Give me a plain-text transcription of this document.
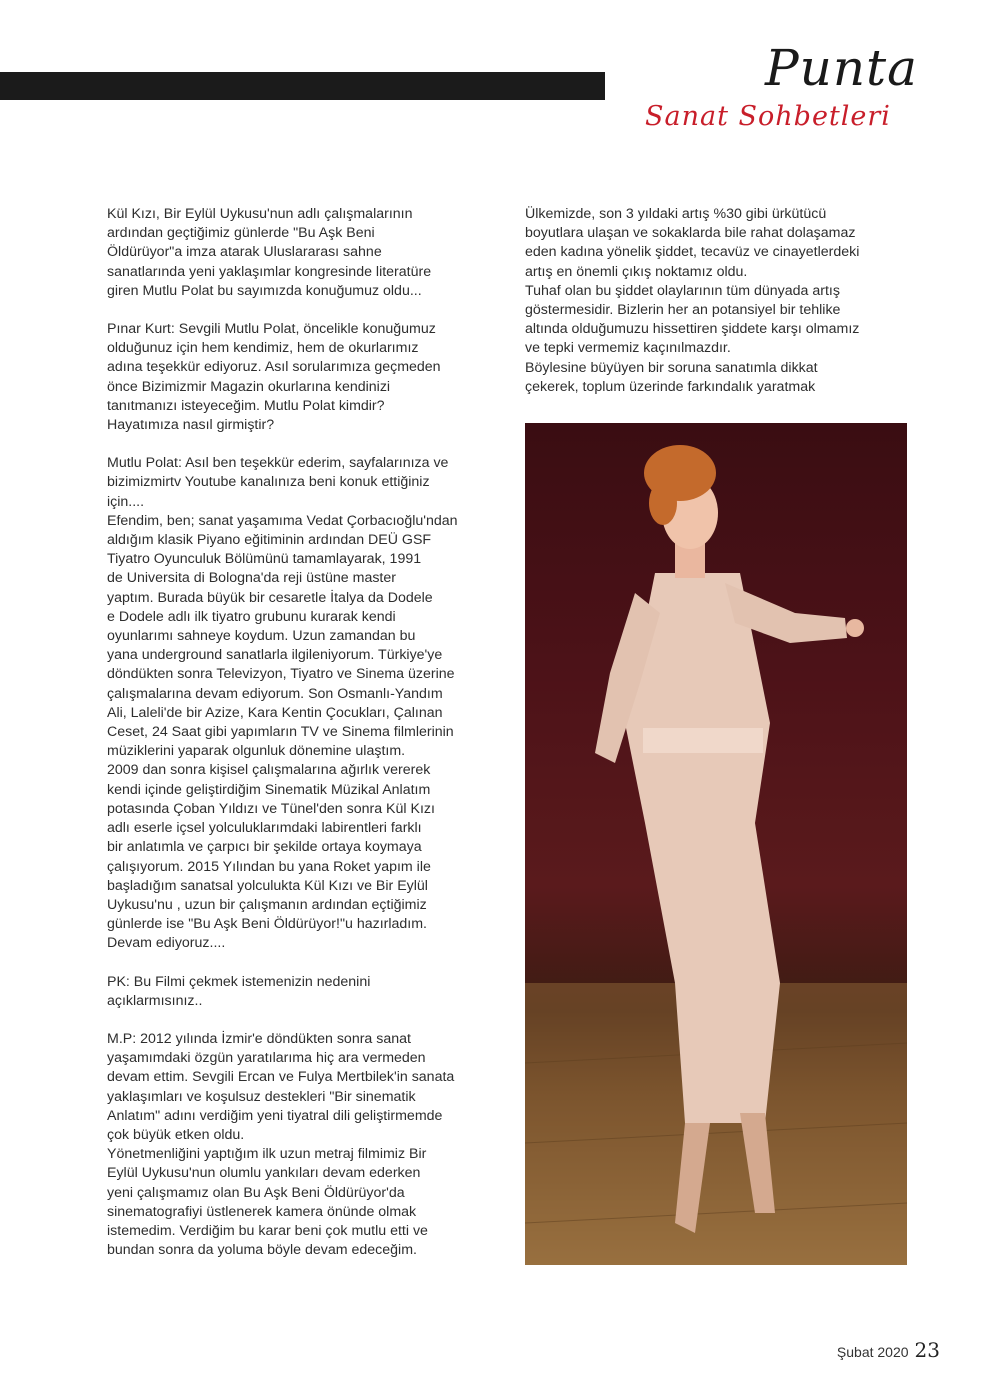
Punta
Sanat Sohbetleri

Kül Kızı, Bir Eylül Uykusu'nun adlı çalışmalarının
ardından geçtiğimiz günlerde "Bu Aşk Beni
Öldürüyor"a imza atarak Uluslararası sahne
sanatlarında yeni yaklaşımlar kongresinde literatüre
giren Mutlu Polat bu sayımızda konuğumuz oldu...

Pınar Kurt: Sevgili Mutlu Polat, öncelikle konuğumuz
olduğunuz için hem kendimiz, hem de okurlarımız
adına teşekkür ediyoruz. Asıl sorularımıza geçmeden
önce Bizimizmir Magazin okurlarına kendinizi
tanıtmanızı isteyeceğim. Mutlu Polat kimdir?
Hayatımıza nasıl girmiştir?

Mutlu Polat: Asıl ben teşekkür ederim, sayfalarınıza ve
bizimizmirtv Youtube kanalınıza beni konuk ettiğiniz
için....
Efendim, ben; sanat yaşamıma Vedat Çorbacıoğlu'ndan
aldığım klasik Piyano eğitiminin ardından DEÜ GSF
Tiyatro Oyunculuk Bölümünü tamamlayarak, 1991
de Universita di Bologna'da reji üstüne master
yaptım. Burada büyük bir cesaretle İtalya da Dodele
e Dodele adlı ilk tiyatro grubunu kurarak kendi
oyunlarımı sahneye koydum. Uzun zamandan bu
yana underground sanatlarla ilgileniyorum. Türkiye'ye
döndükten sonra Televizyon, Tiyatro ve Sinema üzerine
çalışmalarına devam ediyorum. Son Osmanlı-Yandım
Ali, Laleli'de bir Azize, Kara Kentin Çocukları, Çalınan
Ceset, 24 Saat gibi yapımların TV ve Sinema filmlerinin
müziklerini yaparak olgunluk dönemine ulaştım.
2009 dan sonra kişisel çalışmalarına ağırlık vererek
kendi içinde geliştirdiğim Sinematik Müzikal Anlatım
potasında Çoban Yıldızı ve Tünel'den sonra Kül Kızı
adlı eserle içsel yolculuklarımdaki labirentleri farklı
bir anlatımla ve çarpıcı bir şekilde ortaya koymaya
çalışıyorum. 2015 Yılından bu yana Roket yapım ile
başladığım sanatsal yolculukta Kül Kızı ve Bir Eylül
Uykusu'nu , uzun bir çalışmanın ardından eçtiğimiz
günlerde ise "Bu Aşk Beni Öldürüyor!"u hazırladım.
Devam ediyoruz....

PK: Bu Filmi çekmek istemenizin nedenini
açıklarmısınız..

M.P: 2012 yılında İzmir'e döndükten sonra sanat
yaşamımdaki özgün yaratılarıma hiç ara vermeden
devam ettim. Sevgili Ercan ve Fulya Mertbilek'in sanata
yaklaşımları ve koşulsuz destekleri "Bir sinematik
Anlatım" adını verdiğim yeni tiyatral dili geliştirmemde
çok büyük etken oldu.
Yönetmenliğini yaptığım ilk uzun metraj filmimiz Bir
Eylül Uykusu'nun olumlu yankıları devam ederken
yeni çalışmamız olan Bu Aşk Beni Öldürüyor'da
sinematografiyi üstlenerek kamera önünde olmak
istemedim. Verdiğim bu karar beni çok mutlu etti ve
bundan sonra da yoluma böyle devam edeceğim.

Ülkemizde, son 3 yıldaki artış %30 gibi ürkütücü
boyutlara ulaşan ve sokaklarda bile rahat dolaşamaz
eden kadına yönelik şiddet, tecavüz ve cinayetlerdeki
artış en önemli çıkış noktamız oldu.
Tuhaf olan bu şiddet olaylarının tüm dünyada artış
göstermesidir. Bizlerin her an potansiyel bir tehlike
altında olduğumuzu hissettiren şiddete karşı olmamız
ve tepki vermemiz kaçınılmazdır.
Böylesine büyüyen bir soruna sanatımla dikkat
çekerek, toplum üzerinde farkındalık yaratmak

Şubat 2020 23
